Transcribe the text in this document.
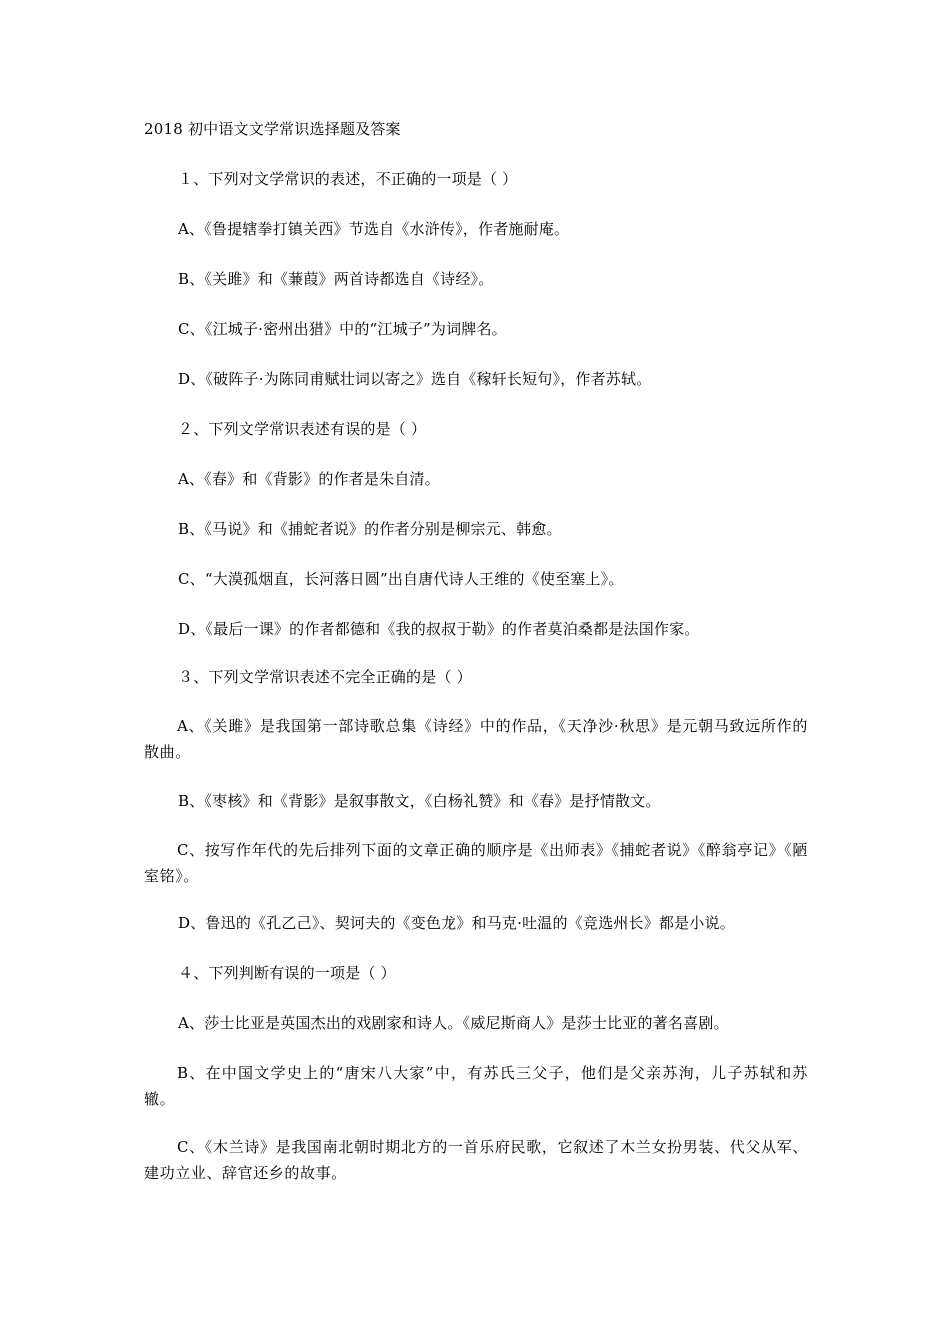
2018 初中语文文学常识选择题及答案
１、下列对文学常识的表述，不正确的一项是（ ）
A、《鲁提辖拳打镇关西》节选自《水浒传》，作者施耐庵。
B、《关雎》和《蒹葭》两首诗都选自《诗经》。
C、《江城子·密州出猎》中的“江城子”为词牌名。
D、《破阵子·为陈同甫赋壮词以寄之》选自《稼轩长短句》，作者苏轼。
２、下列文学常识表述有误的是（ ）
A、《春》和《背影》的作者是朱自清。
B、《马说》和《捕蛇者说》的作者分别是柳宗元、韩愈。
C、“大漠孤烟直，长河落日圆”出自唐代诗人王维的《使至塞上》。
D、《最后一课》的作者都德和《我的叔叔于勒》的作者莫泊桑都是法国作家。
３、下列文学常识表述不完全正确的是（ ）
A、《关雎》是我国第一部诗歌总集《诗经》中的作品，《天净沙·秋思》是元朝马致远所作的散曲。
B、《枣核》和《背影》是叙事散文，《白杨礼赞》和《春》是抒情散文。
C、按写作年代的先后排列下面的文章正确的顺序是《出师表》《捕蛇者说》《醉翁亭记》《陋室铭》。
D、鲁迅的《孔乙己》、契诃夫的《变色龙》和马克·吐温的《竞选州长》都是小说。
４、下列判断有误的一项是（ ）
A、莎士比亚是英国杰出的戏剧家和诗人。《威尼斯商人》是莎士比亚的著名喜剧。
B、在中国文学史上的“唐宋八大家”中，有苏氏三父子，他们是父亲苏洵，儿子苏轼和苏辙。
C、《木兰诗》是我国南北朝时期北方的一首乐府民歌，它叙述了木兰女扮男装、代父从军、建功立业、辞官还乡的故事。
